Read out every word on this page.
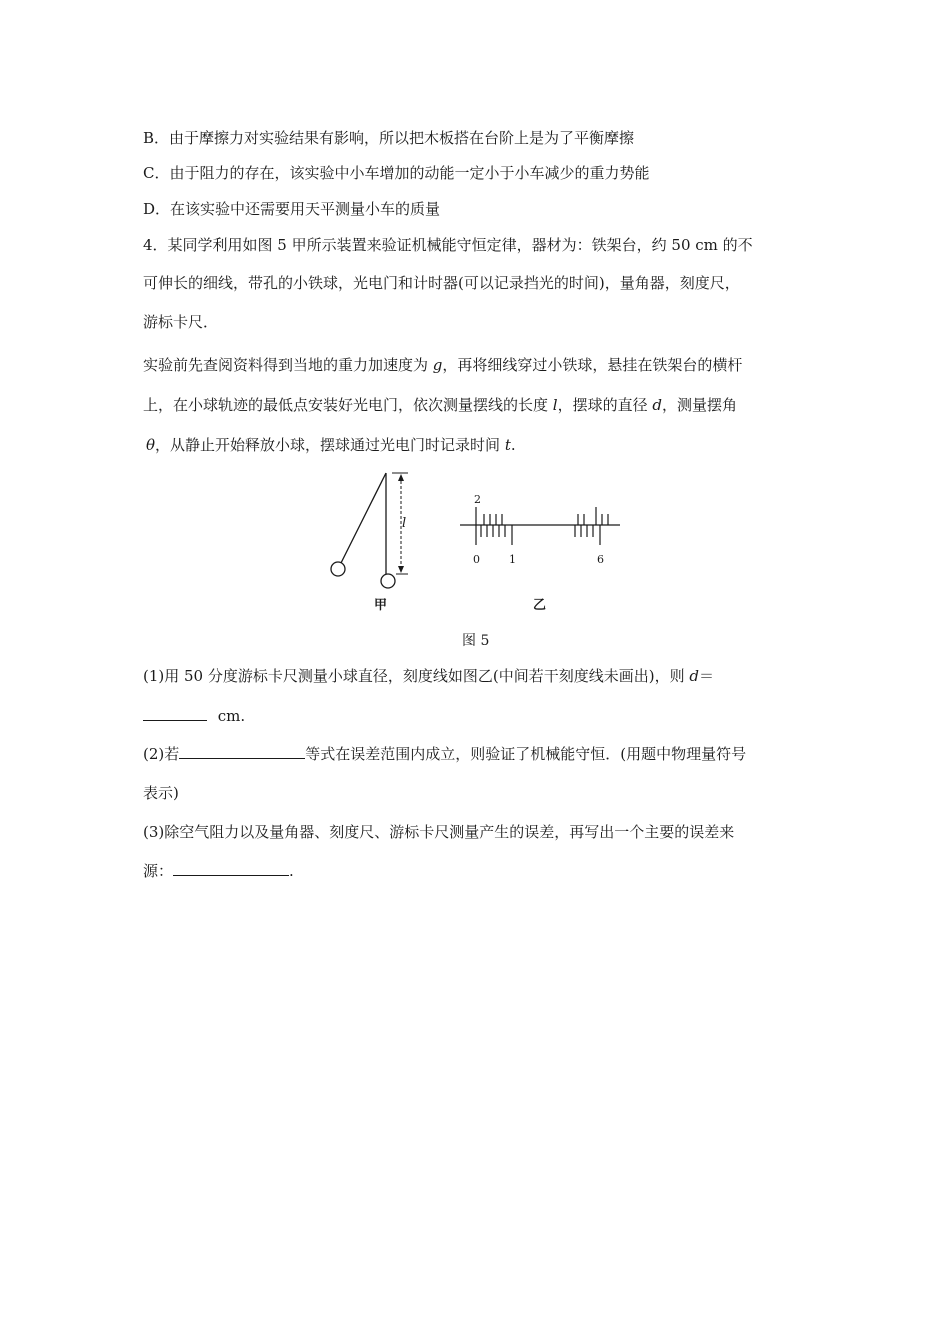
B．由于摩擦力对实验结果有影响，所以把木板搭在台阶上是为了平衡摩擦
C．由于阻力的存在，该实验中小车增加的动能一定小于小车减少的重力势能
D．在该实验中还需要用天平测量小车的质量
4．某同学利用如图 5 甲所示装置来验证机械能守恒定律，器材为：铁架台，约 50 cm 的不
可伸长的细线，带孔的小铁球，光电门和计时器(可以记录挡光的时间)，量角器，刻度尺，
游标卡尺．
实验前先查阅资料得到当地的重力加速度为 g，再将细线穿过小铁球，悬挂在铁架台的横杆
上，在小球轨迹的最低点安装好光电门，依次测量摆线的长度 l，摆球的直径 d，测量摆角
θ，从静止开始释放小球，摆球通过光电门时记录时间 t.
l
甲
2
0	1	6
乙
图 5
(1)用 50 分度游标卡尺测量小球直径，刻度线如图乙(中间若干刻度线未画出)，则 d＝
cm.
(2)若	等式在误差范围内成立，则验证了机械能守恒．(用题中物理量符号
表示)
(3)除空气阻力以及量角器、刻度尺、游标卡尺测量产生的误差，再写出一个主要的误差来
源：	.
